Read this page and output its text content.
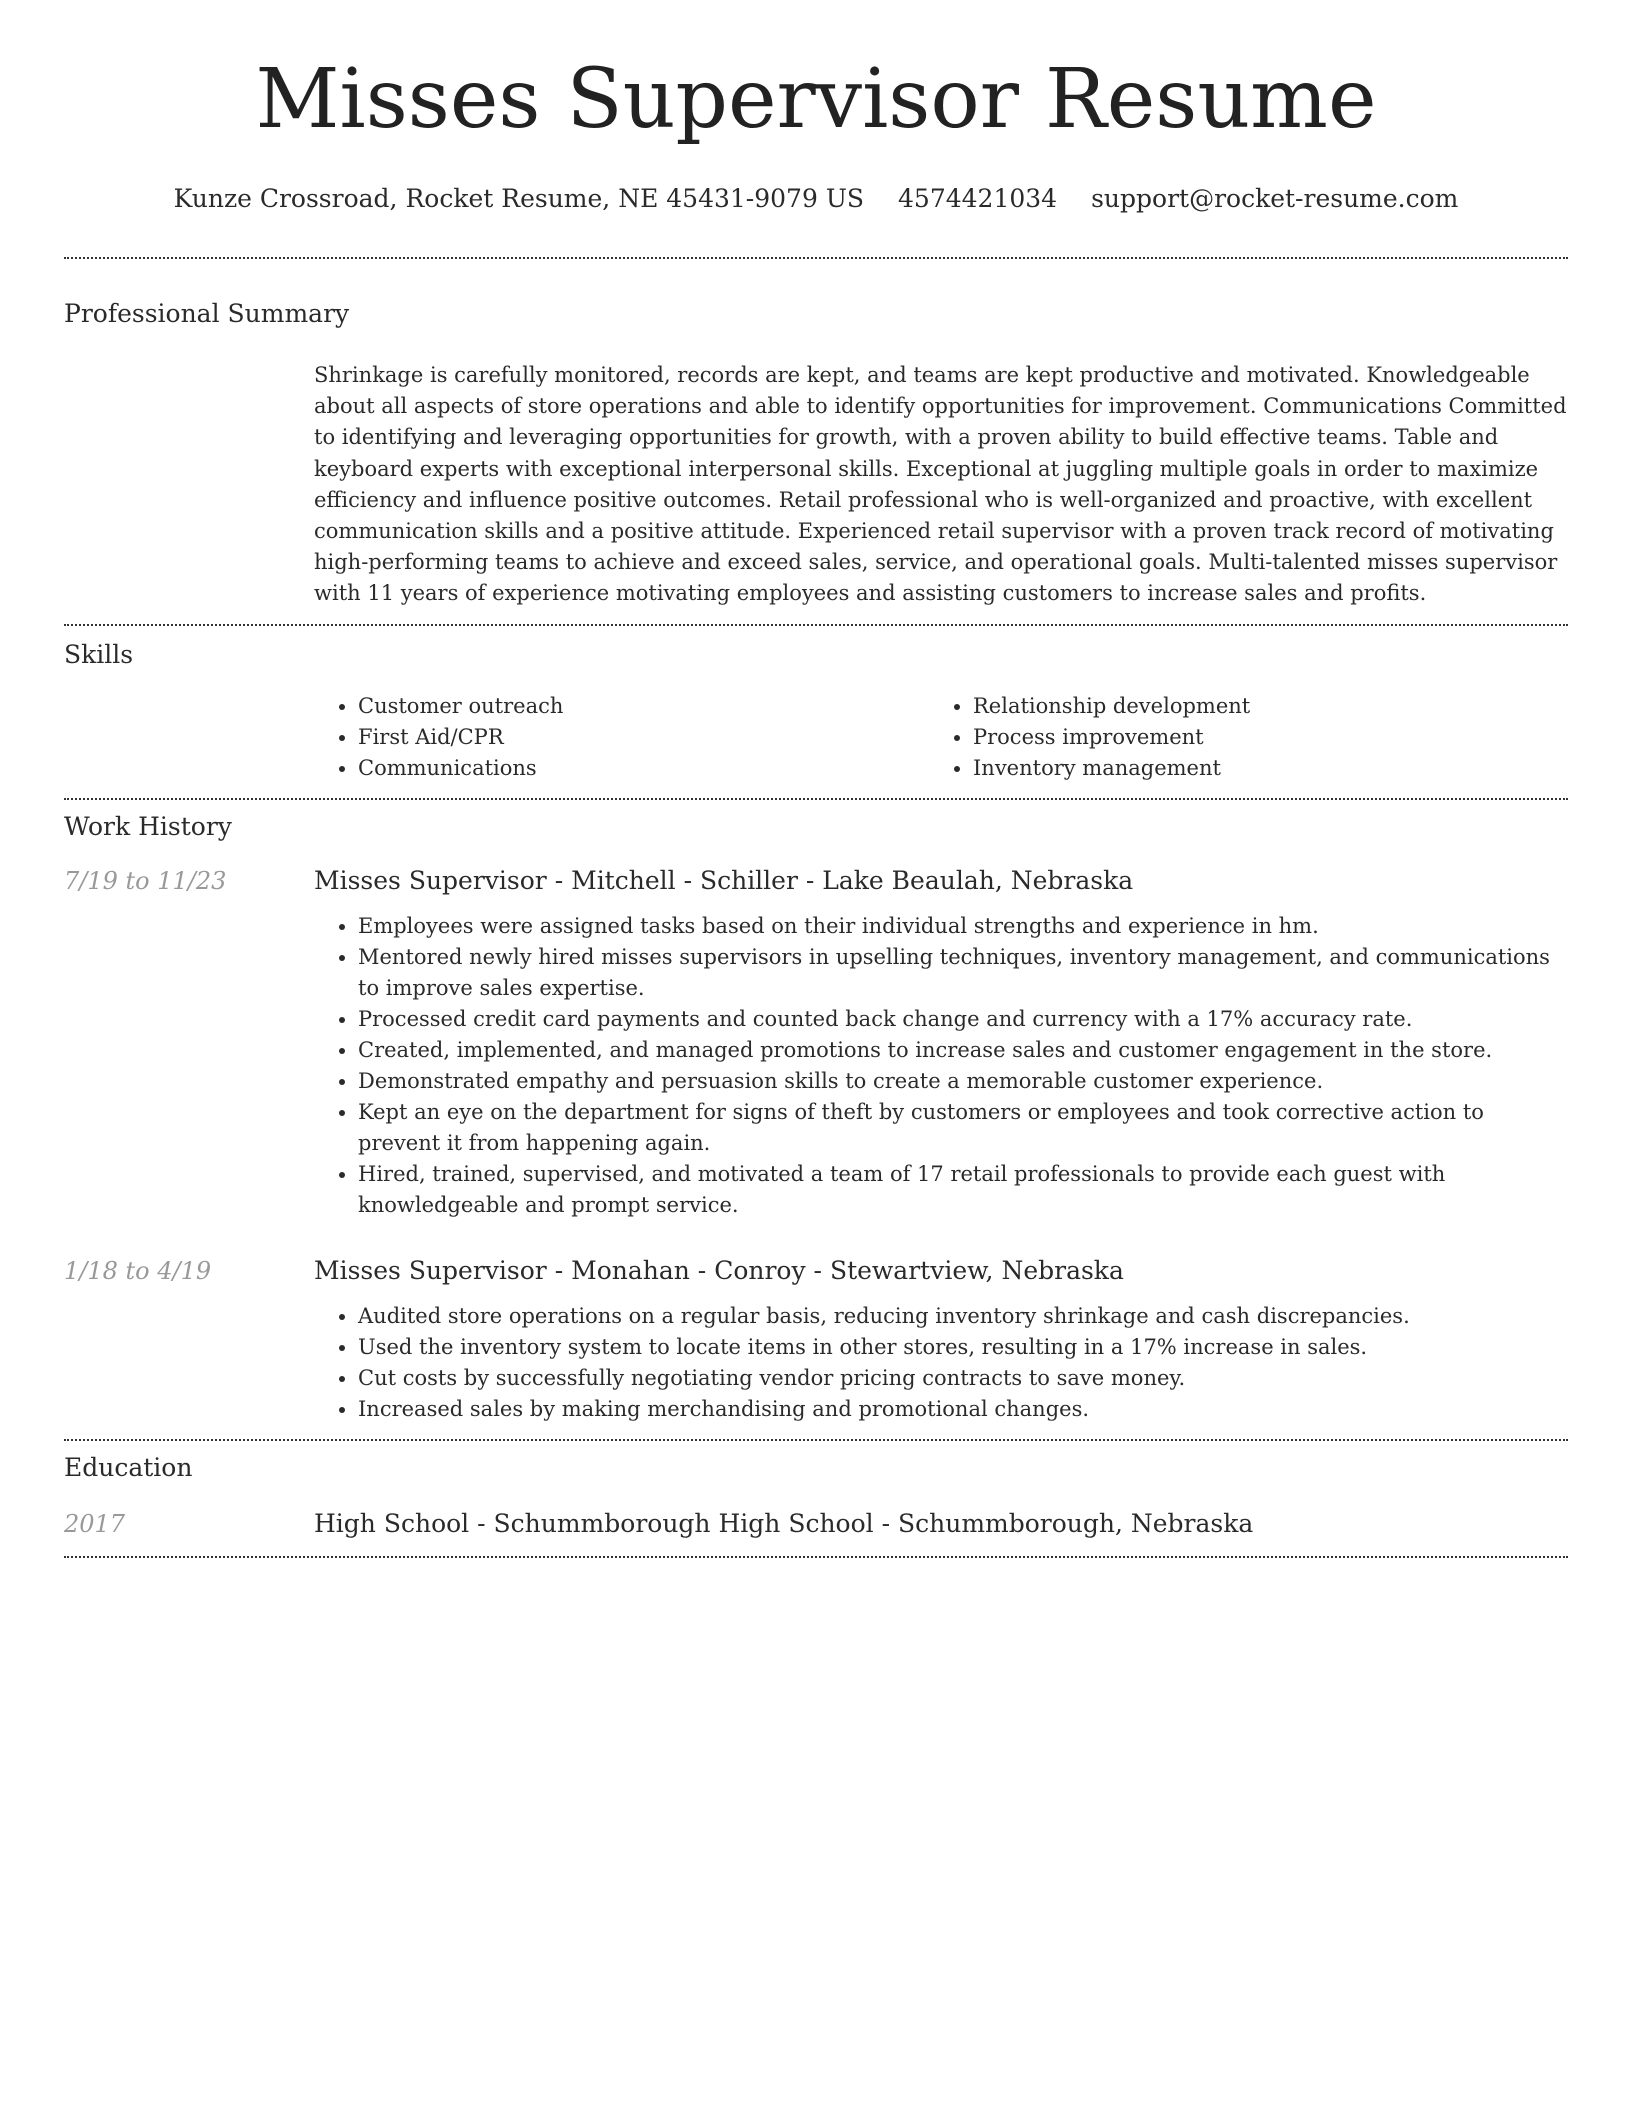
Misses Supervisor Resume
Kunze Crossroad, Rocket Resume, NE 45431-9079 US 4574421034 support@rocket-resume.com
Professional Summary
Shrinkage is carefully monitored, records are kept, and teams are kept productive and motivated. Knowledgeable about all aspects of store operations and able to identify opportunities for improvement. Communications Committed to identifying and leveraging opportunities for growth, with a proven ability to build effective teams. Table and keyboard experts with exceptional interpersonal skills. Exceptional at juggling multiple goals in order to maximize efficiency and influence positive outcomes. Retail professional who is well-organized and proactive, with excellent communication skills and a positive attitude. Experienced retail supervisor with a proven track record of motivating high-performing teams to achieve and exceed sales, service, and operational goals. Multi-talented misses supervisor with 11 years of experience motivating employees and assisting customers to increase sales and profits.
Skills
• Customer outreach
• First Aid/CPR
• Communications
• Relationship development
• Process improvement
• Inventory management
Work History
7/19 to 11/23	Misses Supervisor - Mitchell - Schiller - Lake Beaulah, Nebraska
• Employees were assigned tasks based on their individual strengths and experience in hm.
• Mentored newly hired misses supervisors in upselling techniques, inventory management, and communications to improve sales expertise.
• Processed credit card payments and counted back change and currency with a 17% accuracy rate.
• Created, implemented, and managed promotions to increase sales and customer engagement in the store.
• Demonstrated empathy and persuasion skills to create a memorable customer experience.
• Kept an eye on the department for signs of theft by customers or employees and took corrective action to prevent it from happening again.
• Hired, trained, supervised, and motivated a team of 17 retail professionals to provide each guest with knowledgeable and prompt service.
1/18 to 4/19	Misses Supervisor - Monahan - Conroy - Stewartview, Nebraska
• Audited store operations on a regular basis, reducing inventory shrinkage and cash discrepancies.
• Used the inventory system to locate items in other stores, resulting in a 17% increase in sales.
• Cut costs by successfully negotiating vendor pricing contracts to save money.
• Increased sales by making merchandising and promotional changes.
Education
2017	High School - Schummborough High School - Schummborough, Nebraska
